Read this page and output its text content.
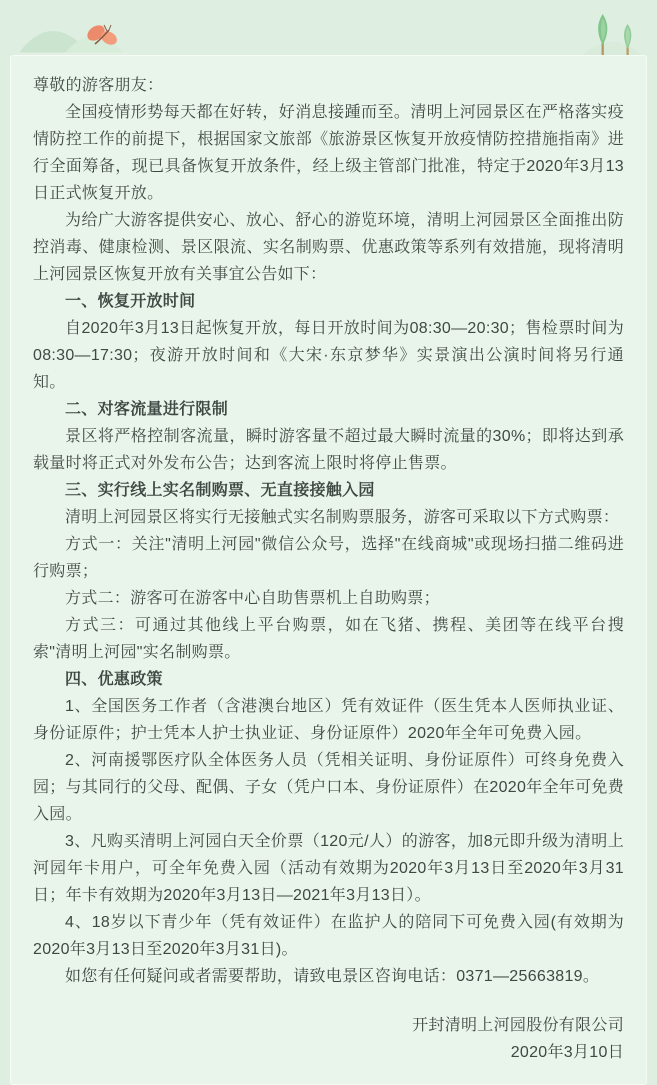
尊敬的游客朋友：

全国疫情形势每天都在好转，好消息接踵而至。清明上河园景区在严格落实疫情防控工作的前提下，根据国家文旅部《旅游景区恢复开放疫情防控措施指南》进行全面筹备，现已具备恢复开放条件，经上级主管部门批准，特定于2020年3月13日正式恢复开放。

为给广大游客提供安心、放心、舒心的游览环境，清明上河园景区全面推出防控消毒、健康检测、景区限流、实名制购票、优惠政策等系列有效措施，现将清明上河园景区恢复开放有关事宜公告如下：

一、恢复开放时间

自2020年3月13日起恢复开放，每日开放时间为08:30—20:30；售检票时间为08:30—17:30；夜游开放时间和《大宋·东京梦华》实景演出公演时间将另行通知。

二、对客流量进行限制

景区将严格控制客流量，瞬时游客量不超过最大瞬时流量的30%；即将达到承载量时将正式对外发布公告；达到客流上限时将停止售票。

三、实行线上实名制购票、无直接接触入园

清明上河园景区将实行无接触式实名制购票服务，游客可采取以下方式购票：

方式一：关注"清明上河园"微信公众号，选择"在线商城"或现场扫描二维码进行购票；

方式二：游客可在游客中心自助售票机上自助购票；

方式三：可通过其他线上平台购票，如在飞猪、携程、美团等在线平台搜索"清明上河园"实名制购票。

四、优惠政策

1、全国医务工作者（含港澳台地区）凭有效证件（医生凭本人医师执业证、身份证原件；护士凭本人护士执业证、身份证原件）2020年全年可免费入园。

2、河南援鄂医疗队全体医务人员（凭相关证明、身份证原件）可终身免费入园；与其同行的父母、配偶、子女（凭户口本、身份证原件）在2020年全年可免费入园。

3、凡购买清明上河园白天全价票（120元/人）的游客，加8元即升级为清明上河园年卡用户，可全年免费入园（活动有效期为2020年3月13日至2020年3月31日；年卡有效期为2020年3月13日—2021年3月13日）。

4、18岁以下青少年（凭有效证件）在监护人的陪同下可免费入园(有效期为2020年3月13日至2020年3月31日)。

如您有任何疑问或者需要帮助，请致电景区咨询电话：0371—25663819。

开封清明上河园股份有限公司

2020年3月10日
